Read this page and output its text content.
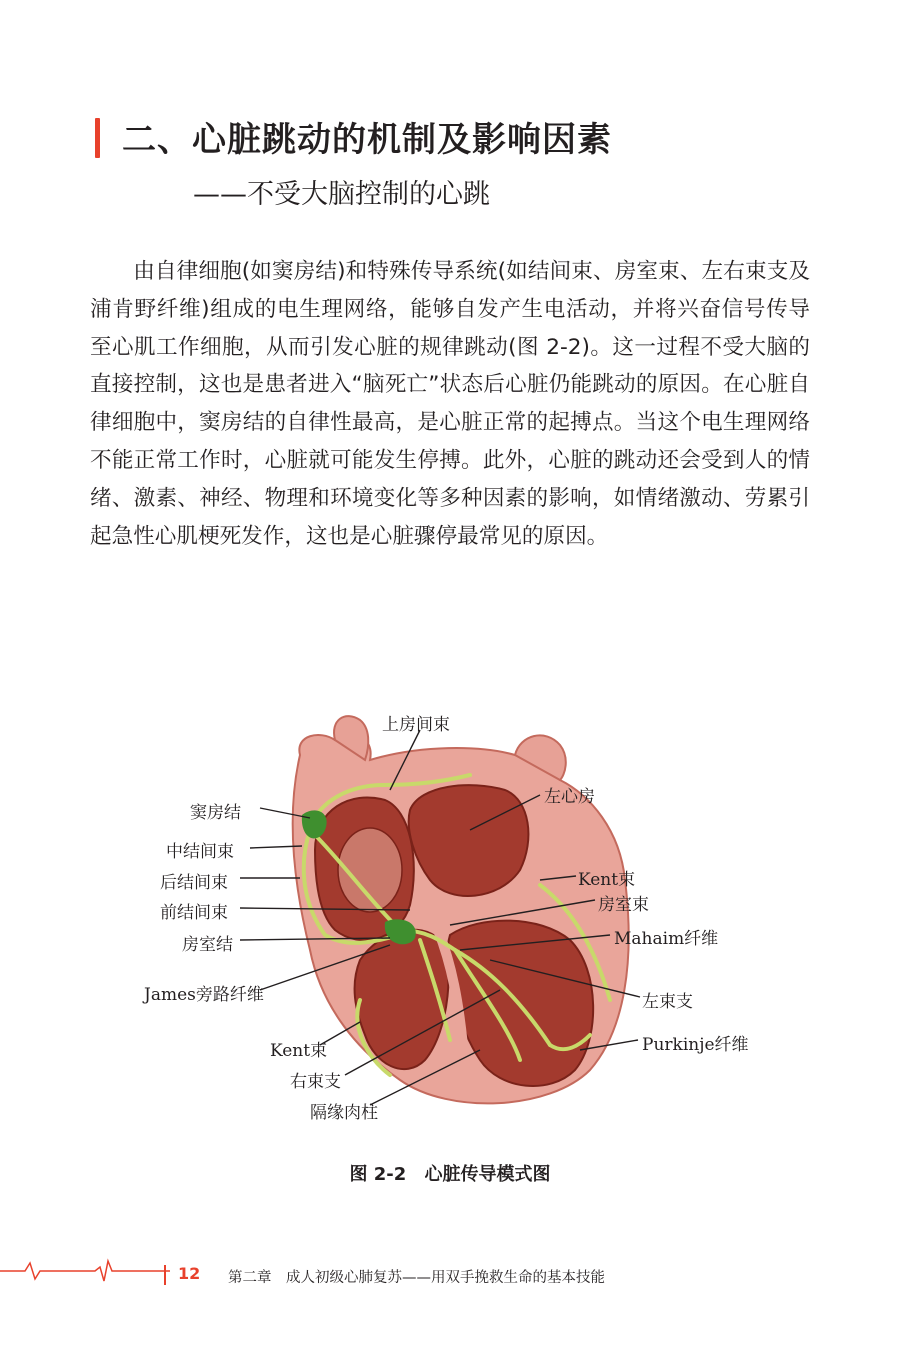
二、心脏跳动的机制及影响因素
——不受大脑控制的心跳

由自律细胞(如窦房结)和特殊传导系统(如结间束、房室束、左右束支及浦肯野纤维)组成的电生理网络，能够自发产生电活动，并将兴奋信号传导至心肌工作细胞，从而引发心脏的规律跳动(图 2-2)。这一过程不受大脑的直接控制，这也是患者进入“脑死亡”状态后心脏仍能跳动的原因。在心脏自律细胞中，窦房结的自律性最高，是心脏正常的起搏点。当这个电生理网络不能正常工作时，心脏就可能发生停搏。此外，心脏的跳动还会受到人的情绪、激素、神经、物理和环境变化等多种因素的影响，如情绪激动、劳累引起急性心肌梗死发作，这也是心脏骤停最常见的原因。

上房间束
左心房
窦房结
中结间束
后结间束	Kent束
房室束
前结间束
Mahaim纤维
房室结
James旁路纤维	左束支
Purkinje纤维
Kent束
右束支
隔缘肉柱
图 2-2 心脏传导模式图
12 第二章　成人初级心肺复苏——用双手挽救生命的基本技能
